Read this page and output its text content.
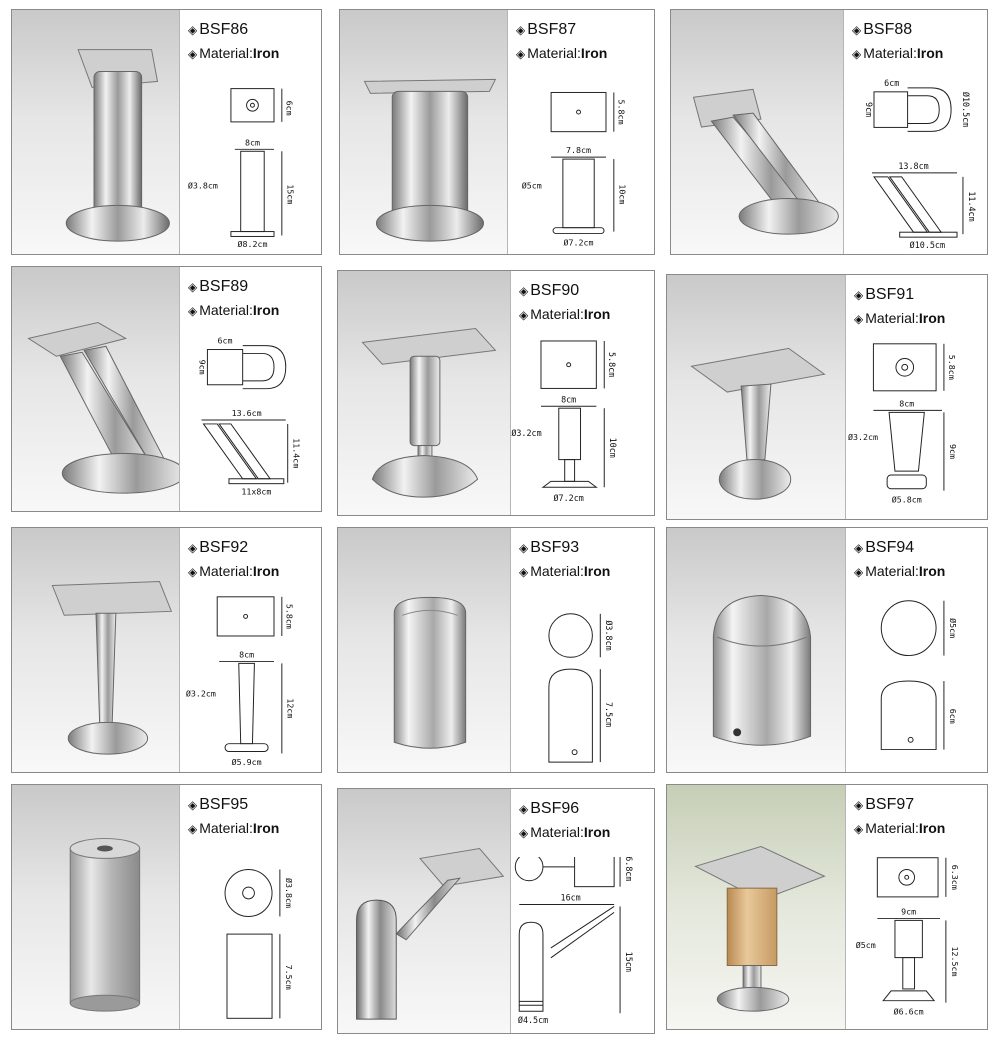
◈ BSF86
◈ Material:Iron
6cm
8cm
Ø3.8cm	15cm
Ø8.2cm
◈ BSF87
◈ Material:Iron
5.8cm
7.8cm
Ø5cm	10cm
Ø7.2cm
◈ BSF88
◈ Material:Iron
6cm
9cm	Ø10.5cm
13.8cm
11.4cm
Ø10.5cm
◈ BSF89
◈ Material:Iron
6cm
9cm
13.6cm
11.4cm
11x8cm
◈ BSF90
◈ Material:Iron
5.8cm
8cm
Ø3.2cm
10cm
Ø7.2cm
◈ BSF91
◈ Material:Iron
5.8cm
8cm
Ø3.2cm
9cm
Ø5.8cm
◈ BSF92
◈ Material:Iron
5.8cm
8cm
Ø3.2cm
12cm
Ø5.9cm
◈ BSF93
◈ Material:Iron
Ø3.8cm
7.5cm
◈ BSF94
◈ Material:Iron
Ø5cm
6cm
◈ BSF95
◈ Material:Iron
Ø3.8cm
7.5cm
◈ BSF96
◈ Material:Iron
6.8cm
16cm
15cm
Ø4.5cm
◈ BSF97
◈ Material:Iron
6.3cm
9cm
Ø5cm
12.5cm
Ø6.6cm
